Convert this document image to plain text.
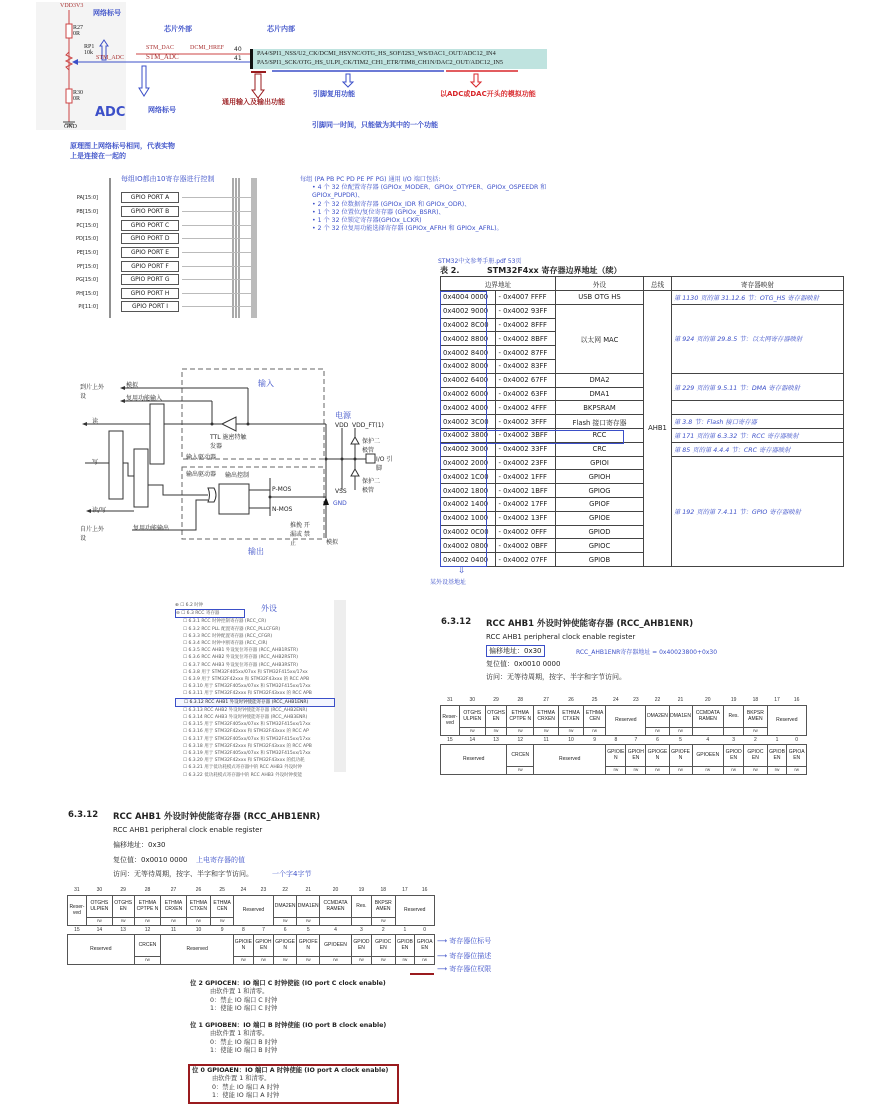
VDD3V3
R27
0R
RP1
10k
R30
0R
GND
STM_ADC
STM_DAC	DCMI_HREF
STM_ADC
40
41
ADC
网络标号
网络标号
芯片外部	芯片内部
PA4/SPI1_NSS/U2_CK/DCMI_HSYNC/OTG_HS_SOF/I2S3_WS/DAC1_OUT/ADC12_IN4
PA5/SPI1_SCK/OTG_HS_ULPI_CK/TIM2_CH1_ETR/TIM8_CH1N/DAC2_OUT/ADC12_IN5
通用输入及输出功能
引脚复用功能	以ADC或DAC开头的模拟功能
引脚同一时间，只能做为其中的一个功能
原理图上网络标号相同，代表实物上是连接在一起的
每组IO都由10寄存器进行控制
PA[15:0]	GPIO PORT A
PB[15:0]	GPIO PORT B
PC[15:0]	GPIO PORT C
PD[15:0]	GPIO PORT D
PE[15:0]	GPIO PORT E
PF[15:0]	GPIO PORT F
PG[15:0]	GPIO PORT G
PH[15:0]	GPIO PORT H
PI[11:0]	GPIO PORT I
每组 (PA PB PC PD PE PF PG) 通用 I/O 端口包括:
• 4 个 32 位配置寄存器 (GPIOx_MODER、GPIOx_OTYPER、GPIOx_OSPEEDR 和 GPIOx_PUPDR)、
• 2 个 32 位数据寄存器 (GPIOx_IDR 和 GPIOx_ODR)、
• 1 个 32 位置位/复位寄存器 (GPIOx_BSRR)、
• 1 个 32 位锁定寄存器(GPIOx_LCKR)
• 2 个 32 位复用功能选择寄存器 (GPIOx_AFRH 和 GPIOx_AFRL)。
输入
输出
电源
GND
到片上外设
自片上外设
模拟
复用功能输入
读
写
读/写
复用功能输出
输出控制
P-MOS
N-MOS
TTL 施密特触发器
输入驱动器
输出驱动器
推挽 开漏或 禁止	模拟
I/O 引脚
保护二极管
保护二极管
VDD VDD_FT(1)
VSS
STM32中文参考手册.pdf 53页
表 2.	STM32F4xx 寄存器边界地址（续）
边界地址		外设	总线	寄存器映射
0x4004 0000	- 0x4007 FFFF	USB OTG HS	AHB1	第 1130 页的第 31.12.6 节：OTG_HS 寄存器映射
0x4002 9000	- 0x4002 93FF	以太网 MAC		第 924 页的第 29.8.5 节：以太网寄存器映射
0x4002 8C00	- 0x4002 8FFF			
0x4002 8800	- 0x4002 8BFF			
0x4002 8400	- 0x4002 87FF			
0x4002 8000	- 0x4002 83FF			
0x4002 6400	- 0x4002 67FF	DMA2		第 229 页的第 9.5.11 节：DMA 寄存器映射
0x4002 6000	- 0x4002 63FF	DMA1		
0x4002 4000	- 0x4002 4FFF	BKPSRAM		
0x4002 3C00	- 0x4002 3FFF	Flash 接口寄存器		第 3.8 节：Flash 接口寄存器
0x4002 3800	- 0x4002 3BFF	RCC		第 171 页的第 6.3.32 节：RCC 寄存器映射
0x4002 3000	- 0x4002 33FF	CRC		第 85 页的第 4.4.4 节：CRC 寄存器映射
0x4002 2000	- 0x4002 23FF	GPIOI		第 192 页的第 7.4.11 节：GPIO 寄存器映射
0x4002 1C00	- 0x4002 1FFF	GPIOH		
0x4002 1800	- 0x4002 1BFF	GPIOG		
0x4002 1400	- 0x4002 17FF	GPIOF		
0x4002 1000	- 0x4002 13FF	GPIOE		
0x4002 0C00	- 0x4002 0FFF	GPIOD		
0x4002 0800	- 0x4002 0BFF	GPIOC		
0x4002 0400	- 0x4002 07FF	GPIOB		
⇩
某外设基地址
⊕ ☐ 6.2 时钟
⊖ ☐ 6.3 RCC 寄存器
☐ 6.3.1 RCC 时钟控制寄存器 (RCC_CR)
☐ 6.3.2 RCC PLL 配置寄存器 (RCC_PLLCFGR)
☐ 6.3.3 RCC 时钟配置寄存器 (RCC_CFGR)
☐ 6.3.4 RCC 时钟中断寄存器 (RCC_CIR)
☐ 6.3.5 RCC AHB1 外设复位寄存器 (RCC_AHB1RSTR)
☐ 6.3.6 RCC AHB2 外设复位寄存器 (RCC_AHB2RSTR)
☐ 6.3.7 RCC AHB3 外设复位寄存器 (RCC_AHB3RSTR)
☐ 6.3.8 用于 STM32F405xx/07xx 和 STM32F415xx/17xx
☐ 6.3.9 用于 STM32F42xxx 和 STM32F43xxx 的 RCC APB
☐ 6.3.10 用于 STM32F405xx/07xx 和 STM32F415xx/17xx
☐ 6.3.11 用于 STM32F42xxx 和 STM32F43xxx 的 RCC APB
☐ 6.3.12 RCC AHB1 外设时钟使能寄存器 (RCC_AHB1ENR)
☐ 6.3.13 RCC AHB2 外设时钟使能寄存器 (RCC_AHB2ENR)
☐ 6.3.14 RCC AHB3 外设时钟使能寄存器 (RCC_AHB3ENR)
☐ 6.3.15 用于 STM32F405xx/07xx 和 STM32F415xx/17xx
☐ 6.3.16 用于 STM32F42xxx 和 STM32F43xxx 的 RCC AP
☐ 6.3.17 用于 STM32F405xx/07xx 和 STM32F415xx/17xx
☐ 6.3.18 用于 STM32F42xxx 和 STM32F43xxx 的 RCC APB
☐ 6.3.19 用于 STM32F405xx/07xx 和 STM32F415xx/17xx
☐ 6.3.20 用于 STM32F42xxx 和 STM32F43xxx 的低功耗
☐ 6.3.21 用于低功耗模式寄存器中的 RCC AHB3 外设时钟
☐ 6.3.22 低功耗模式寄存器中的 RCC AHB3 外设时钟使能
外设
6.3.12 RCC AHB1 外设时钟使能寄存器 (RCC_AHB1ENR)
RCC AHB1 peripheral clock enable register
偏移地址：0x30	RCC_AHB1ENR寄存器地址 = 0x40023800+0x30
复位值：0x0010 0000
访问：无等待周期，按字、半字和字节访问。
31	30	29	28	27	26	25	24	23	22	21	20	19	18	17	16
Reser-ved	OTGHS ULPIEN	OTGHS EN	ETHMA CPTPE N	ETHMA CRXEN	ETHMA CTXEN	ETHMA CEN	Reserved		DMA2EN	DMA1EN	CCMDATA RAMEN	Res.	BKPSR AMEN	Reserved	
	rw	rw	rw	rw	rw	rw			rw	rw			rw		
15	14	13	12	11	10	9	8	7	6	5	4	3	2	1	0
Reserved			CRCEN	Reserved			GPIOIE N	GPIOH EN	GPIOGE N	GPIOFE N	GPIOEEN	GPIOD EN	GPIOC EN	GPIOB EN	GPIOA EN
			rw				rw	rw	rw	rw	rw	rw	rw	rw	rw
6.3.12 RCC AHB1 外设时钟使能寄存器 (RCC_AHB1ENR)
RCC AHB1 peripheral clock enable register
偏移地址：0x30
复位值：0x0010 0000 上电寄存器的值
访问：无等待周期，按字、半字和字节访问。	一个字4字节
31	30	29	28	27	26	25	24	23	22	21	20	19	18	17	16
Reser-ved	OTGHS ULPIEN	OTGHS EN	ETHMA CPTPE N	ETHMA CRXEN	ETHMA CTXEN	ETHMA CEN	Reserved		DMA2EN	DMA1EN	CCMDATA RAMEN	Res.	BKPSR AMEN	Reserved	
	rw	rw	rw	rw	rw	rw			rw	rw			rw		
15	14	13	12	11	10	9	8	7	6	5	4	3	2	1	0
Reserved			CRCEN	Reserved			GPIOIE N	GPIOH EN	GPIOGE N	GPIOFE N	GPIOEEN	GPIOD EN	GPIOC EN	GPIOB EN	GPIOA EN
			rw				rw	rw	rw	rw	rw	rw	rw	rw	rw
⟶ 寄存器位标号
⟶ 寄存器位描述
⟶ 寄存器位权限
位 2 GPIOCEN：IO 端口 C 时钟使能 (IO port C clock enable)
由软件置 1 和清零。
0：禁止 IO 端口 C 时钟
1：使能 IO 端口 C 时钟
位 1 GPIOBEN：IO 端口 B 时钟使能 (IO port B clock enable)
由软件置 1 和清零。
0：禁止 IO 端口 B 时钟
1：使能 IO 端口 B 时钟
位 0 GPIOAEN：IO 端口 A 时钟使能 (IO port A clock enable)
由软件置 1 和清零。
0：禁止 IO 端口 A 时钟
1：使能 IO 端口 A 时钟
